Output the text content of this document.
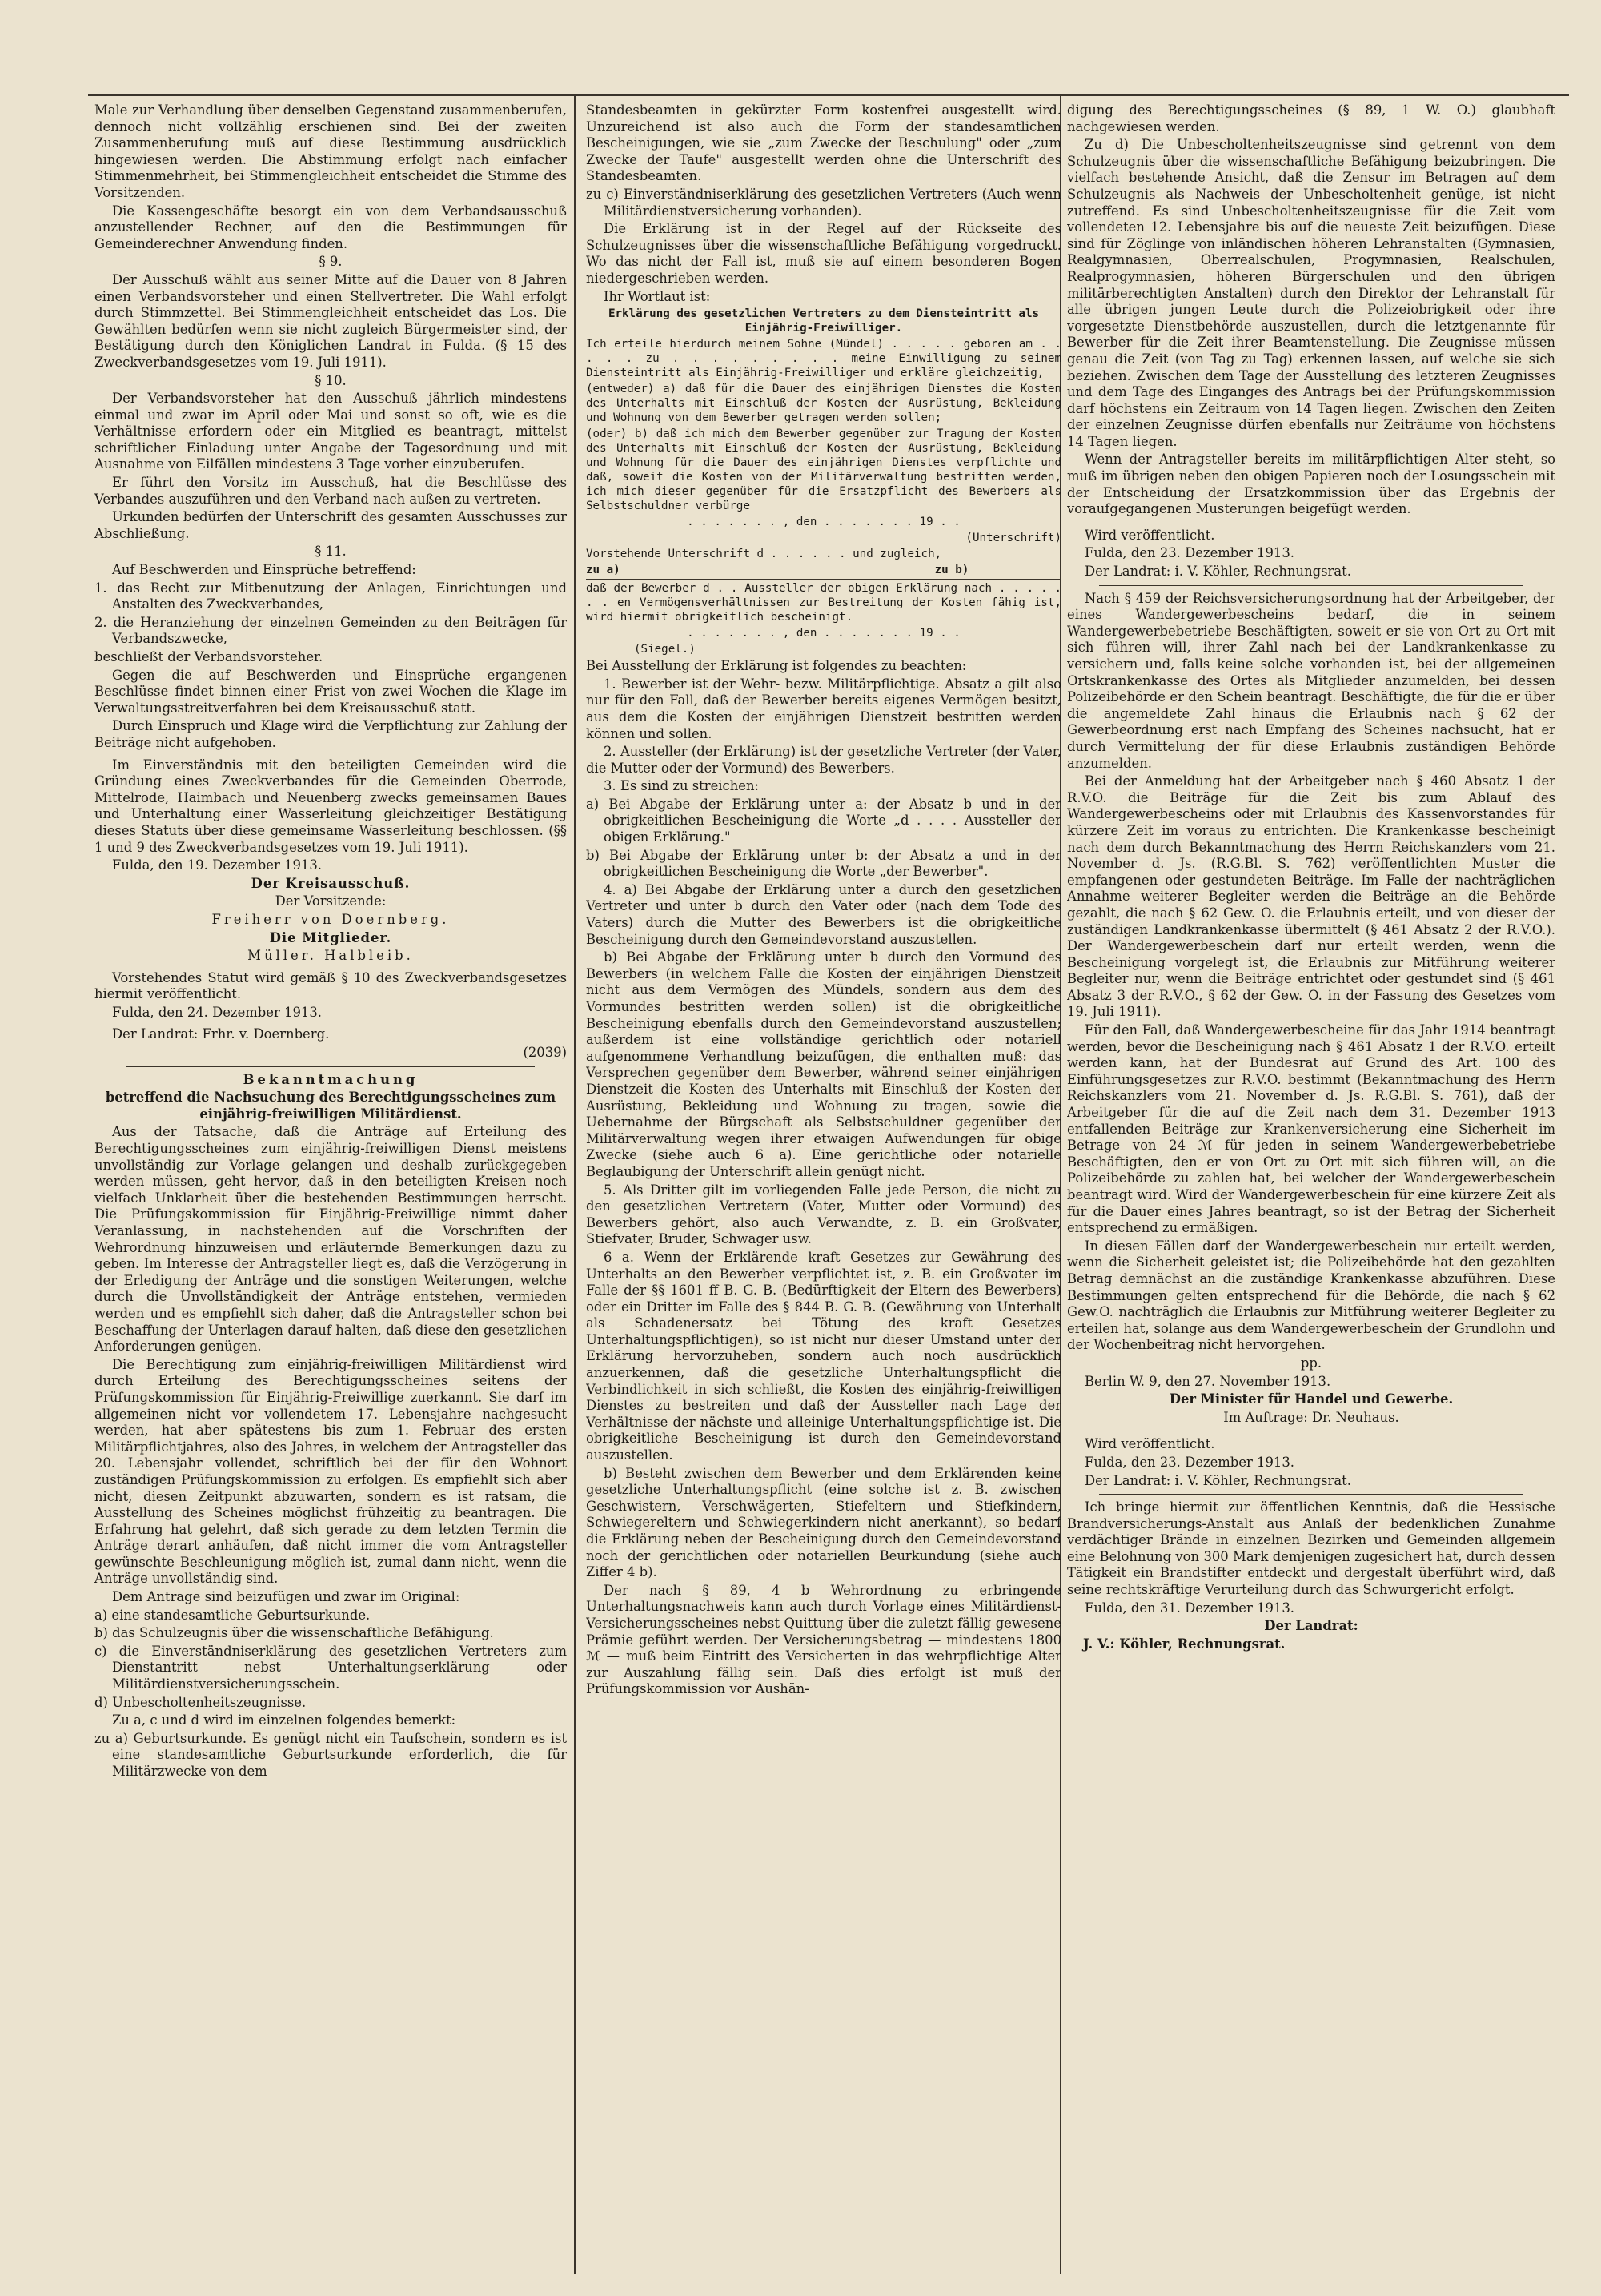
Male zur Verhandlung über denselben Gegenstand zusammenberufen, dennoch nicht vollzählig erschienen sind. Bei der zweiten Zusammenberufung muß auf diese Bestimmung ausdrücklich hingewiesen werden. Die Abstimmung erfolgt nach einfacher Stimmenmehrheit, bei Stimmengleichheit entscheidet die Stimme des Vorsitzenden.

Die Kassengeschäfte besorgt ein von dem Verbandsausschuß anzustellender Rechner, auf den die Bestimmungen für Gemeinderechner Anwendung finden.

§ 9.

Der Ausschuß wählt aus seiner Mitte auf die Dauer von 8 Jahren einen Verbandsvorsteher und einen Stellvertreter. Die Wahl erfolgt durch Stimmzettel. Bei Stimmengleichheit entscheidet das Los. Die Gewählten bedürfen wenn sie nicht zugleich Bürgermeister sind, der Bestätigung durch den Königlichen Landrat in Fulda. (§ 15 des Zweckverbandsgesetzes vom 19. Juli 1911).

§ 10.

Der Verbandsvorsteher hat den Ausschuß jährlich mindestens einmal und zwar im April oder Mai und sonst so oft, wie es die Verhältnisse erfordern oder ein Mitglied es beantragt, mittelst schriftlicher Einladung unter Angabe der Tagesordnung und mit Ausnahme von Eilfällen mindestens 3 Tage vorher einzuberufen.

Er führt den Vorsitz im Ausschuß, hat die Beschlüsse des Verbandes auszuführen und den Verband nach außen zu vertreten.

Urkunden bedürfen der Unterschrift des gesamten Ausschusses zur Abschließung.

§ 11.

Auf Beschwerden und Einsprüche betreffend:

1. das Recht zur Mitbenutzung der Anlagen, Einrichtungen und Anstalten des Zweckverbandes,

2. die Heranziehung der einzelnen Gemeinden zu den Beiträgen für Verbandszwecke,

beschließt der Verbandsvorsteher.

Gegen die auf Beschwerden und Einsprüche ergangenen Beschlüsse findet binnen einer Frist von zwei Wochen die Klage im Verwaltungsstreitverfahren bei dem Kreisausschuß statt.

Durch Einspruch und Klage wird die Verpflichtung zur Zahlung der Beiträge nicht aufgehoben.

Im Einverständnis mit den beteiligten Gemeinden wird die Gründung eines Zweckverbandes für die Gemeinden Oberrode, Mittelrode, Haimbach und Neuenberg zwecks gemeinsamen Baues und Unterhaltung einer Wasserleitung gleichzeitiger Bestätigung dieses Statuts über diese gemeinsame Wasserleitung beschlossen. (§§ 1 und 9 des Zweckverbandsgesetzes vom 19. Juli 1911).

Fulda, den 19. Dezember 1913.

Der Kreisausschuß.

Der Vorsitzende:

Freiherr von Doernberg.

Die Mitglieder.

Müller. Halbleib.

Vorstehendes Statut wird gemäß § 10 des Zweckverbandsgesetzes hiermit veröffentlicht.

Fulda, den 24. Dezember 1913.

Der Landrat: Frhr. v. Doernberg.

(2039)

Bekanntmachung

betreffend die Nachsuchung des Berechtigungsscheines zum einjährig-freiwilligen Militärdienst.

Aus der Tatsache, daß die Anträge auf Erteilung des Berechtigungsscheines zum einjährig-freiwilligen Dienst meistens unvollständig zur Vorlage gelangen und deshalb zurückgegeben werden müssen, geht hervor, daß in den beteiligten Kreisen noch vielfach Unklarheit über die bestehenden Bestimmungen herrscht. Die Prüfungskommission für Einjährig-Freiwillige nimmt daher Veranlassung, in nachstehenden auf die Vorschriften der Wehrordnung hinzuweisen und erläuternde Bemerkungen dazu zu geben. Im Interesse der Antragsteller liegt es, daß die Verzögerung in der Erledigung der Anträge und die sonstigen Weiterungen, welche durch die Unvollständigkeit der Anträge entstehen, vermieden werden und es empfiehlt sich daher, daß die Antragsteller schon bei Beschaffung der Unterlagen darauf halten, daß diese den gesetzlichen Anforderungen genügen.

Die Berechtigung zum einjährig-freiwilligen Militärdienst wird durch Erteilung des Berechtigungsscheines seitens der Prüfungskommission für Einjährig-Freiwillige zuerkannt. Sie darf im allgemeinen nicht vor vollendetem 17. Lebensjahre nachgesucht werden, hat aber spätestens bis zum 1. Februar des ersten Militärpflichtjahres, also des Jahres, in welchem der Antragsteller das 20. Lebensjahr vollendet, schriftlich bei der für den Wohnort zuständigen Prüfungskommission zu erfolgen. Es empfiehlt sich aber nicht, diesen Zeitpunkt abzuwarten, sondern es ist ratsam, die Ausstellung des Scheines möglichst frühzeitig zu beantragen. Die Erfahrung hat gelehrt, daß sich gerade zu dem letzten Termin die Anträge derart anhäufen, daß nicht immer die vom Antragsteller gewünschte Beschleunigung möglich ist, zumal dann nicht, wenn die Anträge unvollständig sind.

Dem Antrage sind beizufügen und zwar im Original:

a) eine standesamtliche Geburtsurkunde.

b) das Schulzeugnis über die wissenschaftliche Befähigung.

c) die Einverständniserklärung des gesetzlichen Vertreters zum Dienstantritt nebst Unterhaltungserklärung oder Militärdienstversicherungsschein.

d) Unbescholtenheitszeugnisse.

Zu a, c und d wird im einzelnen folgendes bemerkt:

zu a) Geburtsurkunde. Es genügt nicht ein Taufschein, sondern es ist eine standesamtliche Geburtsurkunde erforderlich, die für Militärzwecke von dem

Standesbeamten in gekürzter Form kostenfrei ausgestellt wird. Unzureichend ist also auch die Form der standesamtlichen Bescheinigungen, wie sie „zum Zwecke der Beschulung" oder „zum Zwecke der Taufe" ausgestellt werden ohne die Unterschrift des Standesbeamten.

zu c) Einverständniserklärung des gesetzlichen Vertreters (Auch wenn Militärdienstversicherung vorhanden).

Die Erklärung ist in der Regel auf der Rückseite des Schulzeugnisses über die wissenschaftliche Befähigung vorgedruckt. Wo das nicht der Fall ist, muß sie auf einem besonderen Bogen niedergeschrieben werden.

Ihr Wortlaut ist:

Erklärung des gesetzlichen Vertreters zu dem Diensteintritt als Einjährig-Freiwilliger.

Ich erteile hierdurch meinem Sohne (Mündel) . . . . . geboren am . . . . . zu . . . . . . . . . meine Einwilligung zu seinem Diensteintritt als Einjährig-Freiwilliger und erkläre gleichzeitig,

(entweder) a) daß für die Dauer des einjährigen Dienstes die Kosten des Unterhalts mit Einschluß der Kosten der Ausrüstung, Bekleidung und Wohnung von dem Bewerber getragen werden sollen;

(oder) b) daß ich mich dem Bewerber gegenüber zur Tragung der Kosten des Unterhalts mit Einschluß der Kosten der Ausrüstung, Bekleidung und Wohnung für die Dauer des einjährigen Dienstes verpflichte und daß, soweit die Kosten von der Militärverwaltung bestritten werden, ich mich dieser gegenüber für die Ersatzpflicht des Bewerbers als Selbstschuldner verbürge

. . . . . . . , den . . . . . . . 19 . .

(Unterschrift)

Vorstehende Unterschrift d . . . . . . und zugleich,

zu a)                                              zu b)

daß der Bewerber d . . Aussteller der obigen Erklärung nach . . . . . . . en Vermögensverhältnissen zur Bestreitung der Kosten fähig ist, wird hiermit obrigkeitlich bescheinigt.

. . . . . . . , den . . . . . . . 19 . .

(Siegel.)

Bei Ausstellung der Erklärung ist folgendes zu beachten:

1. Bewerber ist der Wehr- bezw. Militärpflichtige. Absatz a gilt also nur für den Fall, daß der Bewerber bereits eigenes Vermögen besitzt, aus dem die Kosten der einjährigen Dienstzeit bestritten werden können und sollen.

2. Aussteller (der Erklärung) ist der gesetzliche Vertreter (der Vater, die Mutter oder der Vormund) des Bewerbers.

3. Es sind zu streichen:

a) Bei Abgabe der Erklärung unter a: der Absatz b und in der obrigkeitlichen Bescheinigung die Worte „d . . . . Aussteller der obigen Erklärung."

b) Bei Abgabe der Erklärung unter b: der Absatz a und in der obrigkeitlichen Bescheinigung die Worte „der Bewerber".

4. a) Bei Abgabe der Erklärung unter a durch den gesetzlichen Vertreter und unter b durch den Vater oder (nach dem Tode des Vaters) durch die Mutter des Bewerbers ist die obrigkeitliche Bescheinigung durch den Gemeindevorstand auszustellen.

b) Bei Abgabe der Erklärung unter b durch den Vormund des Bewerbers (in welchem Falle die Kosten der einjährigen Dienstzeit nicht aus dem Vermögen des Mündels, sondern aus dem des Vormundes bestritten werden sollen) ist die obrigkeitliche Bescheinigung ebenfalls durch den Gemeindevorstand auszustellen; außerdem ist eine vollständige gerichtlich oder notariell aufgenommene Verhandlung beizufügen, die enthalten muß: das Versprechen gegenüber dem Bewerber, während seiner einjährigen Dienstzeit die Kosten des Unterhalts mit Einschluß der Kosten der Ausrüstung, Bekleidung und Wohnung zu tragen, sowie die Uebernahme der Bürgschaft als Selbstschuldner gegenüber der Militärverwaltung wegen ihrer etwaigen Aufwendungen für obige Zwecke (siehe auch 6 a). Eine gerichtliche oder notarielle Beglaubigung der Unterschrift allein genügt nicht.

5. Als Dritter gilt im vorliegenden Falle jede Person, die nicht zu den gesetzlichen Vertretern (Vater, Mutter oder Vormund) des Bewerbers gehört, also auch Verwandte, z. B. ein Großvater, Stiefvater, Bruder, Schwager usw.

6 a. Wenn der Erklärende kraft Gesetzes zur Gewährung des Unterhalts an den Bewerber verpflichtet ist, z. B. ein Großvater im Falle der §§ 1601 ff B. G. B. (Bedürftigkeit der Eltern des Bewerbers) oder ein Dritter im Falle des § 844 B. G. B. (Gewährung von Unterhalt als Schadenersatz bei Tötung des kraft Gesetzes Unterhaltungspflichtigen), so ist nicht nur dieser Umstand unter der Erklärung hervorzuheben, sondern auch noch ausdrücklich anzuerkennen, daß die gesetzliche Unterhaltungspflicht die Verbindlichkeit in sich schließt, die Kosten des einjährig-freiwilligen Dienstes zu bestreiten und daß der Aussteller nach Lage der Verhältnisse der nächste und alleinige Unterhaltungspflichtige ist. Die obrigkeitliche Bescheinigung ist durch den Gemeindevorstand auszustellen.

b) Besteht zwischen dem Bewerber und dem Erklärenden keine gesetzliche Unterhaltungspflicht (eine solche ist z. B. zwischen Geschwistern, Verschwägerten, Stiefeltern und Stiefkindern, Schwiegereltern und Schwiegerkindern nicht anerkannt), so bedarf die Erklärung neben der Bescheinigung durch den Gemeindevorstand noch der gerichtlichen oder notariellen Beurkundung (siehe auch Ziffer 4 b).

Der nach § 89, 4 b Wehrordnung zu erbringende Unterhaltungsnachweis kann auch durch Vorlage eines Militärdienst-Versicherungsscheines nebst Quittung über die zuletzt fällig gewesene Prämie geführt werden. Der Versicherungsbetrag — mindestens 1800 ℳ — muß beim Eintritt des Versicherten in das wehrpflichtige Alter zur Auszahlung fällig sein. Daß dies erfolgt ist muß der Prüfungskommission vor Aushän-

digung des Berechtigungsscheines (§ 89, 1 W. O.) glaubhaft nachgewiesen werden.

Zu d) Die Unbescholtenheitszeugnisse sind getrennt von dem Schulzeugnis über die wissenschaftliche Befähigung beizubringen. Die vielfach bestehende Ansicht, daß die Zensur im Betragen auf dem Schulzeugnis als Nachweis der Unbescholtenheit genüge, ist nicht zutreffend. Es sind Unbescholtenheitszeugnisse für die Zeit vom vollendeten 12. Lebensjahre bis auf die neueste Zeit beizufügen. Diese sind für Zöglinge von inländischen höheren Lehranstalten (Gymnasien, Realgymnasien, Oberrealschulen, Progymnasien, Realschulen, Realprogymnasien, höheren Bürgerschulen und den übrigen militärberechtigten Anstalten) durch den Direktor der Lehranstalt für alle übrigen jungen Leute durch die Polizeiobrigkeit oder ihre vorgesetzte Dienstbehörde auszustellen, durch die letztgenannte für Bewerber für die Zeit ihrer Beamtenstellung. Die Zeugnisse müssen genau die Zeit (von Tag zu Tag) erkennen lassen, auf welche sie sich beziehen. Zwischen dem Tage der Ausstellung des letzteren Zeugnisses und dem Tage des Einganges des Antrags bei der Prüfungskommission darf höchstens ein Zeitraum von 14 Tagen liegen. Zwischen den Zeiten der einzelnen Zeugnisse dürfen ebenfalls nur Zeiträume von höchstens 14 Tagen liegen.

Wenn der Antragsteller bereits im militärpflichtigen Alter steht, so muß im übrigen neben den obigen Papieren noch der Losungsschein mit der Entscheidung der Ersatzkommission über das Ergebnis der voraufgegangenen Musterungen beigefügt werden.

Wird veröffentlicht.

Fulda, den 23. Dezember 1913.

Der Landrat: i. V. Köhler, Rechnungsrat.

Nach § 459 der Reichsversicherungsordnung hat der Arbeitgeber, der eines Wandergewerbescheins bedarf, die in seinem Wandergewerbebetriebe Beschäftigten, soweit er sie von Ort zu Ort mit sich führen will, ihrer Zahl nach bei der Landkrankenkasse zu versichern und, falls keine solche vorhanden ist, bei der allgemeinen Ortskrankenkasse des Ortes als Mitglieder anzumelden, bei dessen Polizeibehörde er den Schein beantragt. Beschäftigte, die für die er über die angemeldete Zahl hinaus die Erlaubnis nach § 62 der Gewerbeordnung erst nach Empfang des Scheines nachsucht, hat er durch Vermittelung der für diese Erlaubnis zuständigen Behörde anzumelden.

Bei der Anmeldung hat der Arbeitgeber nach § 460 Absatz 1 der R.V.O. die Beiträge für die Zeit bis zum Ablauf des Wandergewerbescheins oder mit Erlaubnis des Kassenvorstandes für kürzere Zeit im voraus zu entrichten. Die Krankenkasse bescheinigt nach dem durch Bekanntmachung des Herrn Reichskanzlers vom 21. November d. Js. (R.G.Bl. S. 762) veröffentlichten Muster die empfangenen oder gestundeten Beiträge. Im Falle der nachträglichen Annahme weiterer Begleiter werden die Beiträge an die Behörde gezahlt, die nach § 62 Gew. O. die Erlaubnis erteilt, und von dieser der zuständigen Landkrankenkasse übermittelt (§ 461 Absatz 2 der R.V.O.). Der Wandergewerbeschein darf nur erteilt werden, wenn die Bescheinigung vorgelegt ist, die Erlaubnis zur Mitführung weiterer Begleiter nur, wenn die Beiträge entrichtet oder gestundet sind (§ 461 Absatz 3 der R.V.O., § 62 der Gew. O. in der Fassung des Gesetzes vom 19. Juli 1911).

Für den Fall, daß Wandergewerbescheine für das Jahr 1914 beantragt werden, bevor die Bescheinigung nach § 461 Absatz 1 der R.V.O. erteilt werden kann, hat der Bundesrat auf Grund des Art. 100 des Einführungsgesetzes zur R.V.O. bestimmt (Bekanntmachung des Herrn Reichskanzlers vom 21. November d. Js. R.G.Bl. S. 761), daß der Arbeitgeber für die auf die Zeit nach dem 31. Dezember 1913 entfallenden Beiträge zur Krankenversicherung eine Sicherheit im Betrage von 24 ℳ für jeden in seinem Wandergewerbebetriebe Beschäftigten, den er von Ort zu Ort mit sich führen will, an die Polizeibehörde zu zahlen hat, bei welcher der Wandergewerbeschein beantragt wird. Wird der Wandergewerbeschein für eine kürzere Zeit als für die Dauer eines Jahres beantragt, so ist der Betrag der Sicherheit entsprechend zu ermäßigen.

In diesen Fällen darf der Wandergewerbeschein nur erteilt werden, wenn die Sicherheit geleistet ist; die Polizeibehörde hat den gezahlten Betrag demnächst an die zuständige Krankenkasse abzuführen. Diese Bestimmungen gelten entsprechend für die Behörde, die nach § 62 Gew.O. nachträglich die Erlaubnis zur Mitführung weiterer Begleiter zu erteilen hat, solange aus dem Wandergewerbeschein der Grundlohn und der Wochenbeitrag nicht hervorgehen.

pp.

Berlin W. 9, den 27. November 1913.

Der Minister für Handel und Gewerbe.

Im Auftrage: Dr. Neuhaus.

Wird veröffentlicht.

Fulda, den 23. Dezember 1913.

Der Landrat: i. V. Köhler, Rechnungsrat.

Ich bringe hiermit zur öffentlichen Kenntnis, daß die Hessische Brandversicherungs-Anstalt aus Anlaß der bedenklichen Zunahme verdächtiger Brände in einzelnen Bezirken und Gemeinden allgemein eine Belohnung von 300 Mark demjenigen zugesichert hat, durch dessen Tätigkeit ein Brandstifter entdeckt und dergestalt überführt wird, daß seine rechtskräftige Verurteilung durch das Schwurgericht erfolgt.

Fulda, den 31. Dezember 1913.

Der Landrat:

J. V.: Köhler, Rechnungsrat.
